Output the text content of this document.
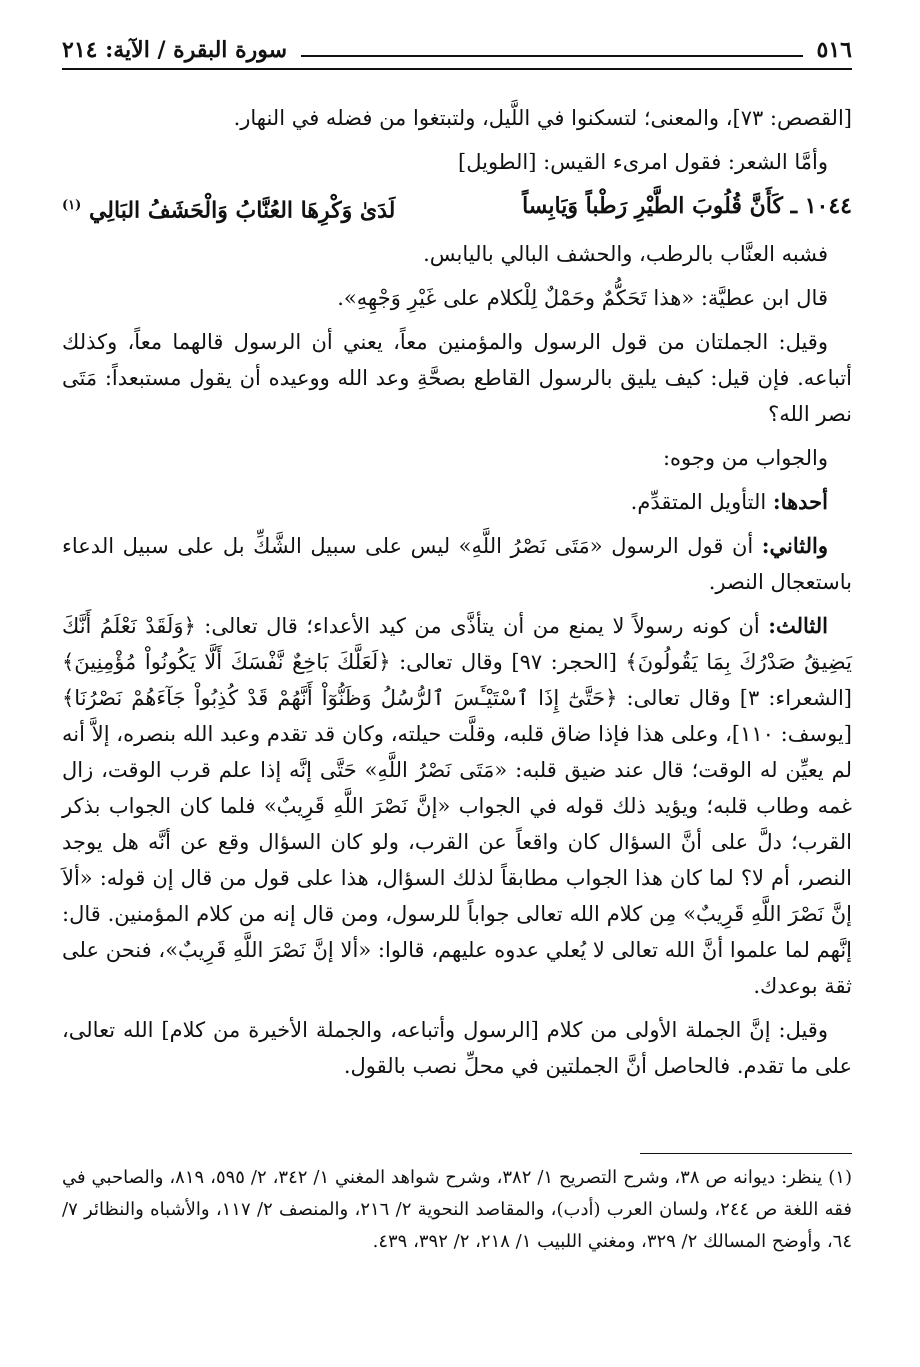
٥١٦
سورة البقرة / الآية: ٢١٤

[القصص: ٧٣]، والمعنى؛ لتسكنوا في اللَّيل، ولتبتغوا من فضله في النهار.

وأمَّا الشعر: فقول امرىء القيس: [الطويل]

١٠٤٤ ـ كَأَنَّ قُلُوبَ الطَّيْرِ رَطْباً وَيَابِساً
لَدَىٰ وَكْرِهَا العُنَّابُ وَالْحَشَفُ البَالِي $^{(١)}$

فشبه العنَّاب بالرطب، والحشف البالي باليابس.

قال ابن عطيَّة: «هذا تَحَكُّمٌ وحَمْلٌ لِلْكلام على غَيْرِ وَجْهِهِ».

وقيل: الجملتان من قول الرسول والمؤمنين معاً، يعني أن الرسول قالهما معاً، وكذلك أتباعه. فإن قيل: كيف يليق بالرسول القاطع بصحَّةِ وعد الله ووعيده أن يقول مستبعداً: مَتَى نصر الله؟

والجواب من وجوه:

أحدها: التأويل المتقدِّم.

والثاني: أن قول الرسول «مَتَى نَصْرُ اللَّهِ» ليس على سبيل الشَّكِّ بل على سبيل الدعاء باستعجال النصر.

الثالث: أن كونه رسولاً لا يمنع من أن يتأذَّى من كيد الأعداء؛ قال تعالى: ﴿وَلَقَدْ نَعْلَمُ أَنَّكَ يَضِيقُ صَدْرُكَ بِمَا يَقُولُونَ﴾ [الحجر: ٩٧] وقال تعالى: ﴿لَعَلَّكَ بَاخِعٌ نَّفْسَكَ أَلَّا يَكُونُواْ مُؤْمِنِينَ﴾ [الشعراء: ٣] وقال تعالى: ﴿حَتَّىٰٓ إِذَا ٱسْتَيْـَٔسَ ٱلرُّسُلُ وَظَنُّوٓاْ أَنَّهُمْ قَدْ كُذِبُواْ جَآءَهُمْ نَصْرُنَا﴾ [يوسف: ١١٠]، وعلى هذا فإذا ضاق قلبه، وقلَّت حيلته، وكان قد تقدم وعبد الله بنصره، إلاَّ أنه لم يعيِّن له الوقت؛ قال عند ضيق قلبه: «مَتَى نَصْرُ اللَّهِ» حَتَّى إنَّه إذا علم قرب الوقت، زال غمه وطاب قلبه؛ ويؤيد ذلك قوله في الجواب «إنَّ نَصْرَ اللَّهِ قَرِيبٌ» فلما كان الجواب بذكر القرب؛ دلَّ على أنَّ السؤال كان واقعاً عن القرب، ولو كان السؤال وقع عن أنَّه هل يوجد النصر، أم لا؟ لما كان هذا الجواب مطابقاً لذلك السؤال، هذا على قول من قال إن قوله: «ألاَ إنَّ نَصْرَ اللَّهِ قَرِيبٌ» مِن كلام الله تعالى جواباً للرسول، ومن قال إنه من كلام المؤمنين. قال: إنَّهم لما علموا أنَّ الله تعالى لا يُعلي عدوه عليهم، قالوا: «ألا إنَّ نَصْرَ اللَّهِ قَرِيبٌ»، فنحن على ثقة بوعدك.

وقيل: إنَّ الجملة الأولى من كلام [الرسول وأتباعه، والجملة الأخيرة من كلام] الله تعالى، على ما تقدم. فالحاصل أنَّ الجملتين في محلِّ نصب بالقول.

(١) ينظر: ديوانه ص ٣٨، وشرح التصريح ١/ ٣٨٢، وشرح شواهد المغني ١/ ٣٤٢، ٢/ ٥٩٥، ٨١٩، والصاحبي في فقه اللغة ص ٢٤٤، ولسان العرب (أدب)، والمقاصد النحوية ٢/ ٢١٦، والمنصف ٢/ ١١٧، والأشباه والنظائر ٧/ ٦٤، وأوضح المسالك ٢/ ٣٢٩، ومغني اللبيب ١/ ٢١٨، ٢/ ٣٩٢، ٤٣٩.
